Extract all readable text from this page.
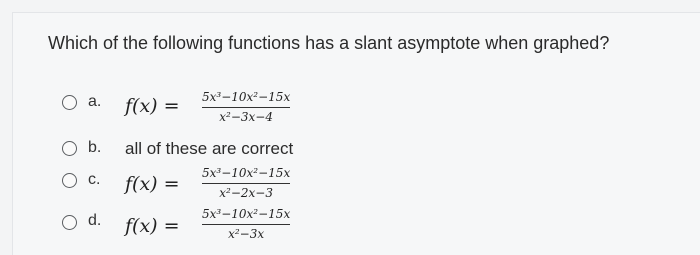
Which of the following functions has a slant asymptote when graphed?
a. f(x) = 5x³−10x²−15x
x²−3x−4
b. all of these are correct
c. f(x) = 5x³−10x²−15x
x²−2x−3
d. f(x) =
5x³−10x²−15x
x²−3x
